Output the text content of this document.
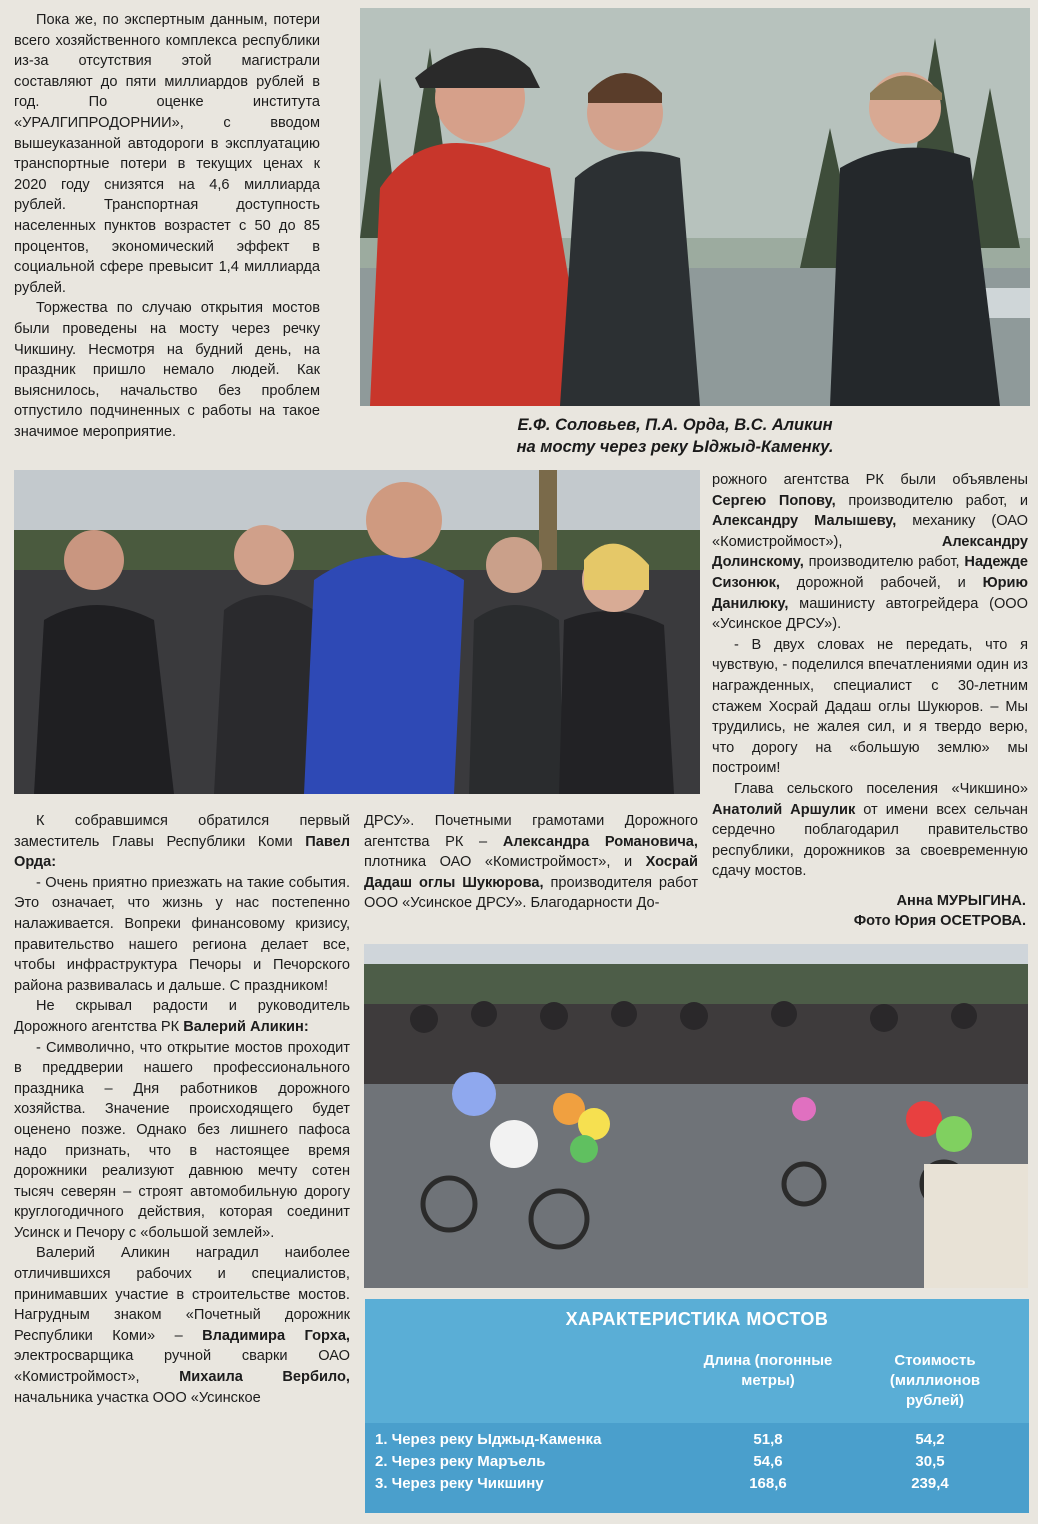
Пока же, по экспертным данным, потери всего хозяйственного комплекса республики из-за отсутствия этой магистрали составляют до пяти миллиардов рублей в год. По оценке института «УРАЛГИПРОДОРНИИ», с вводом вышеуказанной автодороги в эксплуатацию транспортные потери в текущих ценах к 2020 году снизятся на 4,6 миллиарда рублей. Транспортная доступность населенных пунктов возрастет с 50 до 85 процентов, экономический эффект в социальной сфере превысит 1,4 миллиарда рублей.

Торжества по случаю открытия мостов были проведены на мосту через речку Чикшину. Несмотря на будний день, на праздник пришло немало людей. Как выяснилось, начальство без проблем отпустило подчиненных с работы на такое значимое мероприятие.	Е.Ф. Соловьев, П.А. Орда, В.С. Аликин
на мосту через реку Ыджыд-Каменку.

рожного агентства РК были объявлены Сергею Попову, производителю работ, и Александру Малышеву, механику (ОАО «Комистроймост»), Александру Долинскому, производителю работ, Надежде Сизонюк, дорожной рабочей, и Юрию Данилюку, машинисту автогрейдера (ООО «Усинское ДРСУ»).

- В двух словах не передать, что я чувствую, - поделился впечатлениями один из награжденных, специалист с 30-летним стажем Хосрай Дадаш оглы Шукюров. – Мы трудились, не жалея сил, и я твердо верю, что дорогу на «большую землю» мы построим!

Глава сельского поселения «Чикшино» Анатолий Аршулик от имени всех сельчан сердечно поблагодарил правительство республики, дорожников за своевременную сдачу мостов.

Анна МУРЫГИНА.
Фото Юрия ОСЕТРОВА.

К собравшимся обратился первый заместитель Главы Республики Коми Павел Орда:

- Очень приятно приезжать на такие события. Это означает, что жизнь у нас постепенно налаживается. Вопреки финансовому кризису, правительство нашего региона делает все, чтобы инфраструктура Печоры и Печорского района развивалась и дальше. С праздником!

Не скрывал радости и руководитель Дорожного агентства РК Валерий Аликин:

- Символично, что открытие мостов проходит в преддверии нашего профессионального праздника – Дня работников дорожного хозяйства. Значение происходящего будет оценено позже. Однако без лишнего пафоса надо признать, что в настоящее время дорожники реализуют давнюю мечту сотен тысяч северян – строят автомобильную дорогу круглогодичного действия, которая соединит Усинск и Печору с «большой землей».

Валерий Аликин наградил наиболее отличившихся рабочих и специалистов, принимавших участие в строительстве мостов. Нагрудным знаком «Почетный дорожник Республики Коми» – Владимира Горха, электросварщика ручной сварки ОАО «Комистроймост», Михаила Вербило, начальника участка ООО «Усинское

ДРСУ». Почетными грамотами Дорожного агентства РК – Александра Романовича, плотника ОАО «Комистроймост», и Хосрай Дадаш оглы Шукюрова, производителя работ ООО «Усинское ДРСУ». Благодарности До-

ХАРАКТЕРИСТИКА МОСТОВ
Длина (погонные метры)
Стоимость (миллионов рублей)
1. Через реку Ыджыд-Каменка	51,8	54,2
2. Через реку Маръель	54,6	30,5
3. Через реку Чикшину	168,6	239,4
